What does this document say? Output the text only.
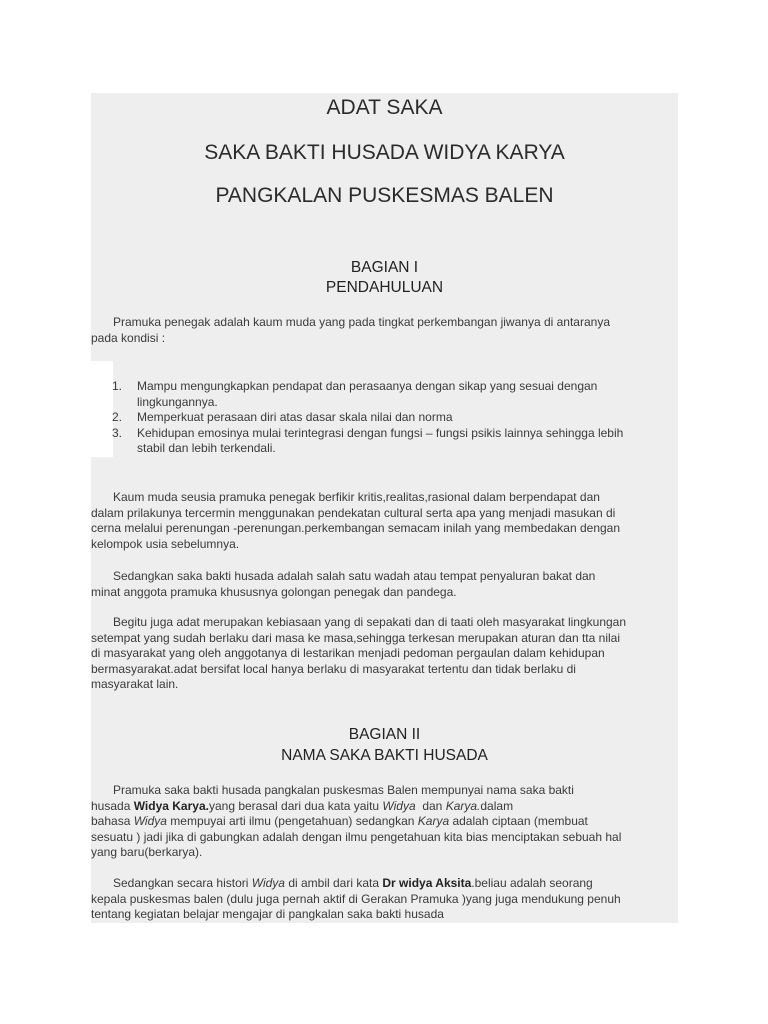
ADAT SAKA
SAKA BAKTI HUSADA WIDYA KARYA
PANGKALAN PUSKESMAS BALEN
BAGIAN I
PENDAHULUAN
Pramuka penegak adalah kaum muda yang pada tingkat perkembangan jiwanya di antaranya
pada kondisi :
1. Mampu mengungkapkan pendapat dan perasaanya dengan sikap yang sesuai dengan
lingkungannya.
2. Memperkuat perasaan diri atas dasar skala nilai dan norma
3. Kehidupan emosinya mulai terintegrasi dengan fungsi – fungsi psikis lainnya sehingga lebih
stabil dan lebih terkendali.
Kaum muda seusia pramuka penegak berfikir kritis,realitas,rasional dalam berpendapat dan
dalam prilakunya tercermin menggunakan pendekatan cultural serta apa yang menjadi masukan di
cerna melalui perenungan -perenungan.perkembangan semacam inilah yang membedakan dengan
kelompok usia sebelumnya.
Sedangkan saka bakti husada adalah salah satu wadah atau tempat penyaluran bakat dan
minat anggota pramuka khususnya golongan penegak dan pandega.
Begitu juga adat merupakan kebiasaan yang di sepakati dan di taati oleh masyarakat lingkungan
setempat yang sudah berlaku dari masa ke masa,sehingga terkesan merupakan aturan dan tta nilai
di masyarakat yang oleh anggotanya di lestarikan menjadi pedoman pergaulan dalam kehidupan
bermasyarakat.adat bersifat local hanya berlaku di masyarakat tertentu dan tidak berlaku di
masyarakat lain.
BAGIAN II
NAMA SAKA BAKTI HUSADA
Pramuka saka bakti husada pangkalan puskesmas Balen mempunyai nama saka bakti
husada Widya Karya.yang berasal dari dua kata yaitu Widya  dan Karya.dalam
bahasa Widya mempuyai arti ilmu (pengetahuan) sedangkan Karya adalah ciptaan (membuat
sesuatu ) jadi jika di gabungkan adalah dengan ilmu pengetahuan kita bias menciptakan sebuah hal
yang baru(berkarya).
Sedangkan secara histori Widya di ambil dari kata Dr widya Aksita.beliau adalah seorang
kepala puskesmas balen (dulu juga pernah aktif di Gerakan Pramuka )yang juga mendukung penuh
tentang kegiatan belajar mengajar di pangkalan saka bakti husada
